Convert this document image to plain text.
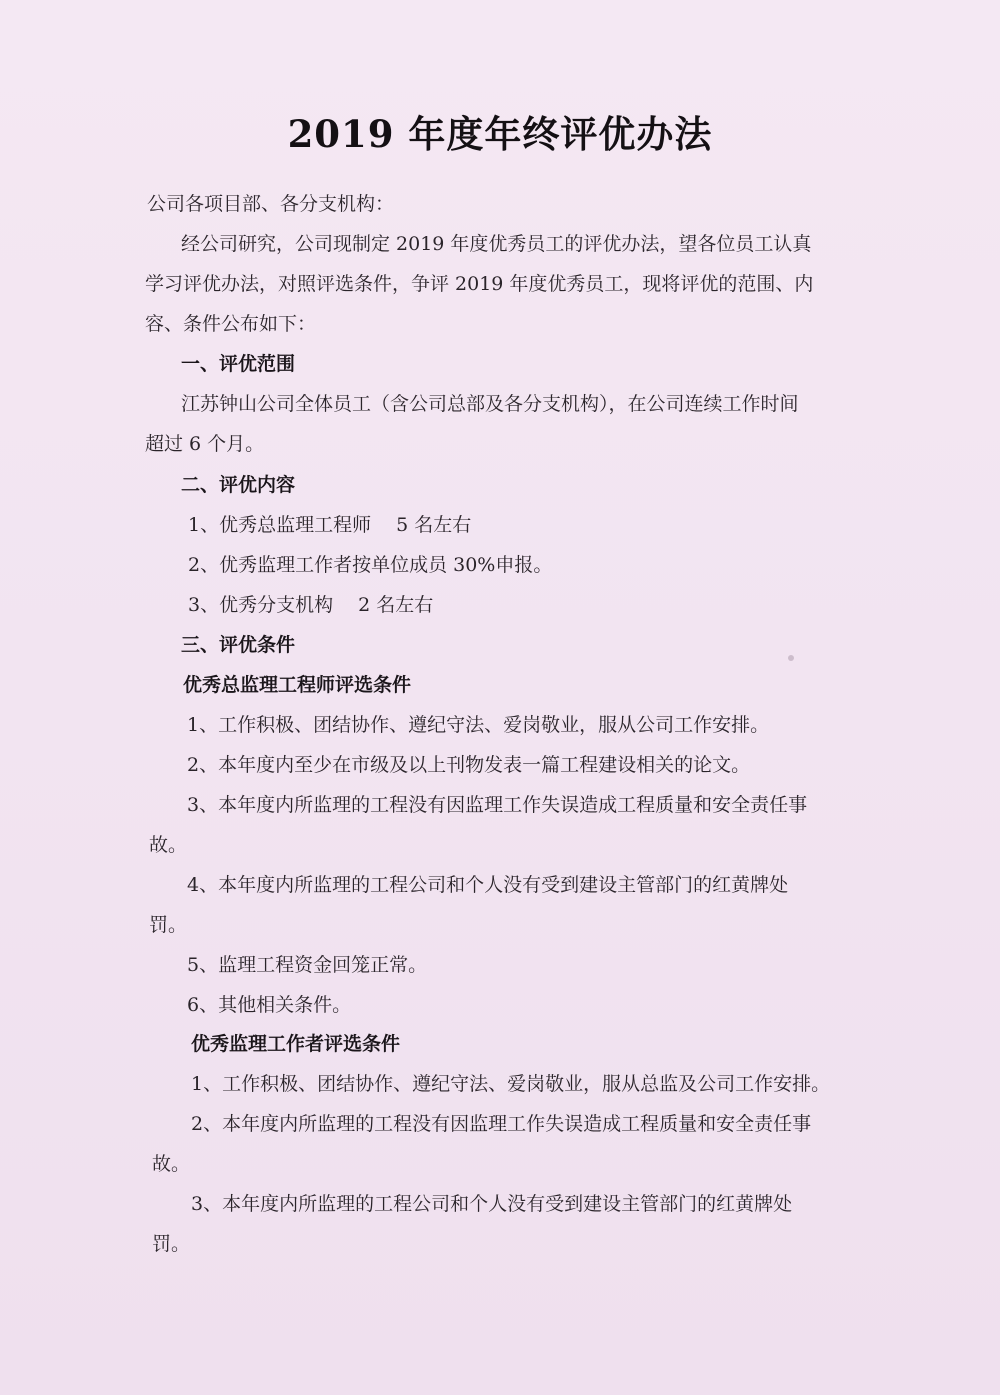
2019 年度年终评优办法
公司各项目部、各分支机构：
经公司研究，公司现制定 2019 年度优秀员工的评优办法，望各位员工认真
学习评优办法，对照评选条件，争评 2019 年度优秀员工，现将评优的范围、内
容、条件公布如下：
一、评优范围
江苏钟山公司全体员工（含公司总部及各分支机构），在公司连续工作时间
超过 6 个月。
二、评优内容
1、优秀总监理工程师　 5 名左右
2、优秀监理工作者按单位成员 30%申报。
3、优秀分支机构　 2 名左右
三、评优条件
优秀总监理工程师评选条件
1、工作积极、团结协作、遵纪守法、爱岗敬业，服从公司工作安排。
2、本年度内至少在市级及以上刊物发表一篇工程建设相关的论文。
3、本年度内所监理的工程没有因监理工作失误造成工程质量和安全责任事
故。
4、本年度内所监理的工程公司和个人没有受到建设主管部门的红黄牌处
罚。
5、监理工程资金回笼正常。
6、其他相关条件。
优秀监理工作者评选条件
1、工作积极、团结协作、遵纪守法、爱岗敬业，服从总监及公司工作安排。
2、本年度内所监理的工程没有因监理工作失误造成工程质量和安全责任事
故。
3、本年度内所监理的工程公司和个人没有受到建设主管部门的红黄牌处
罚。
